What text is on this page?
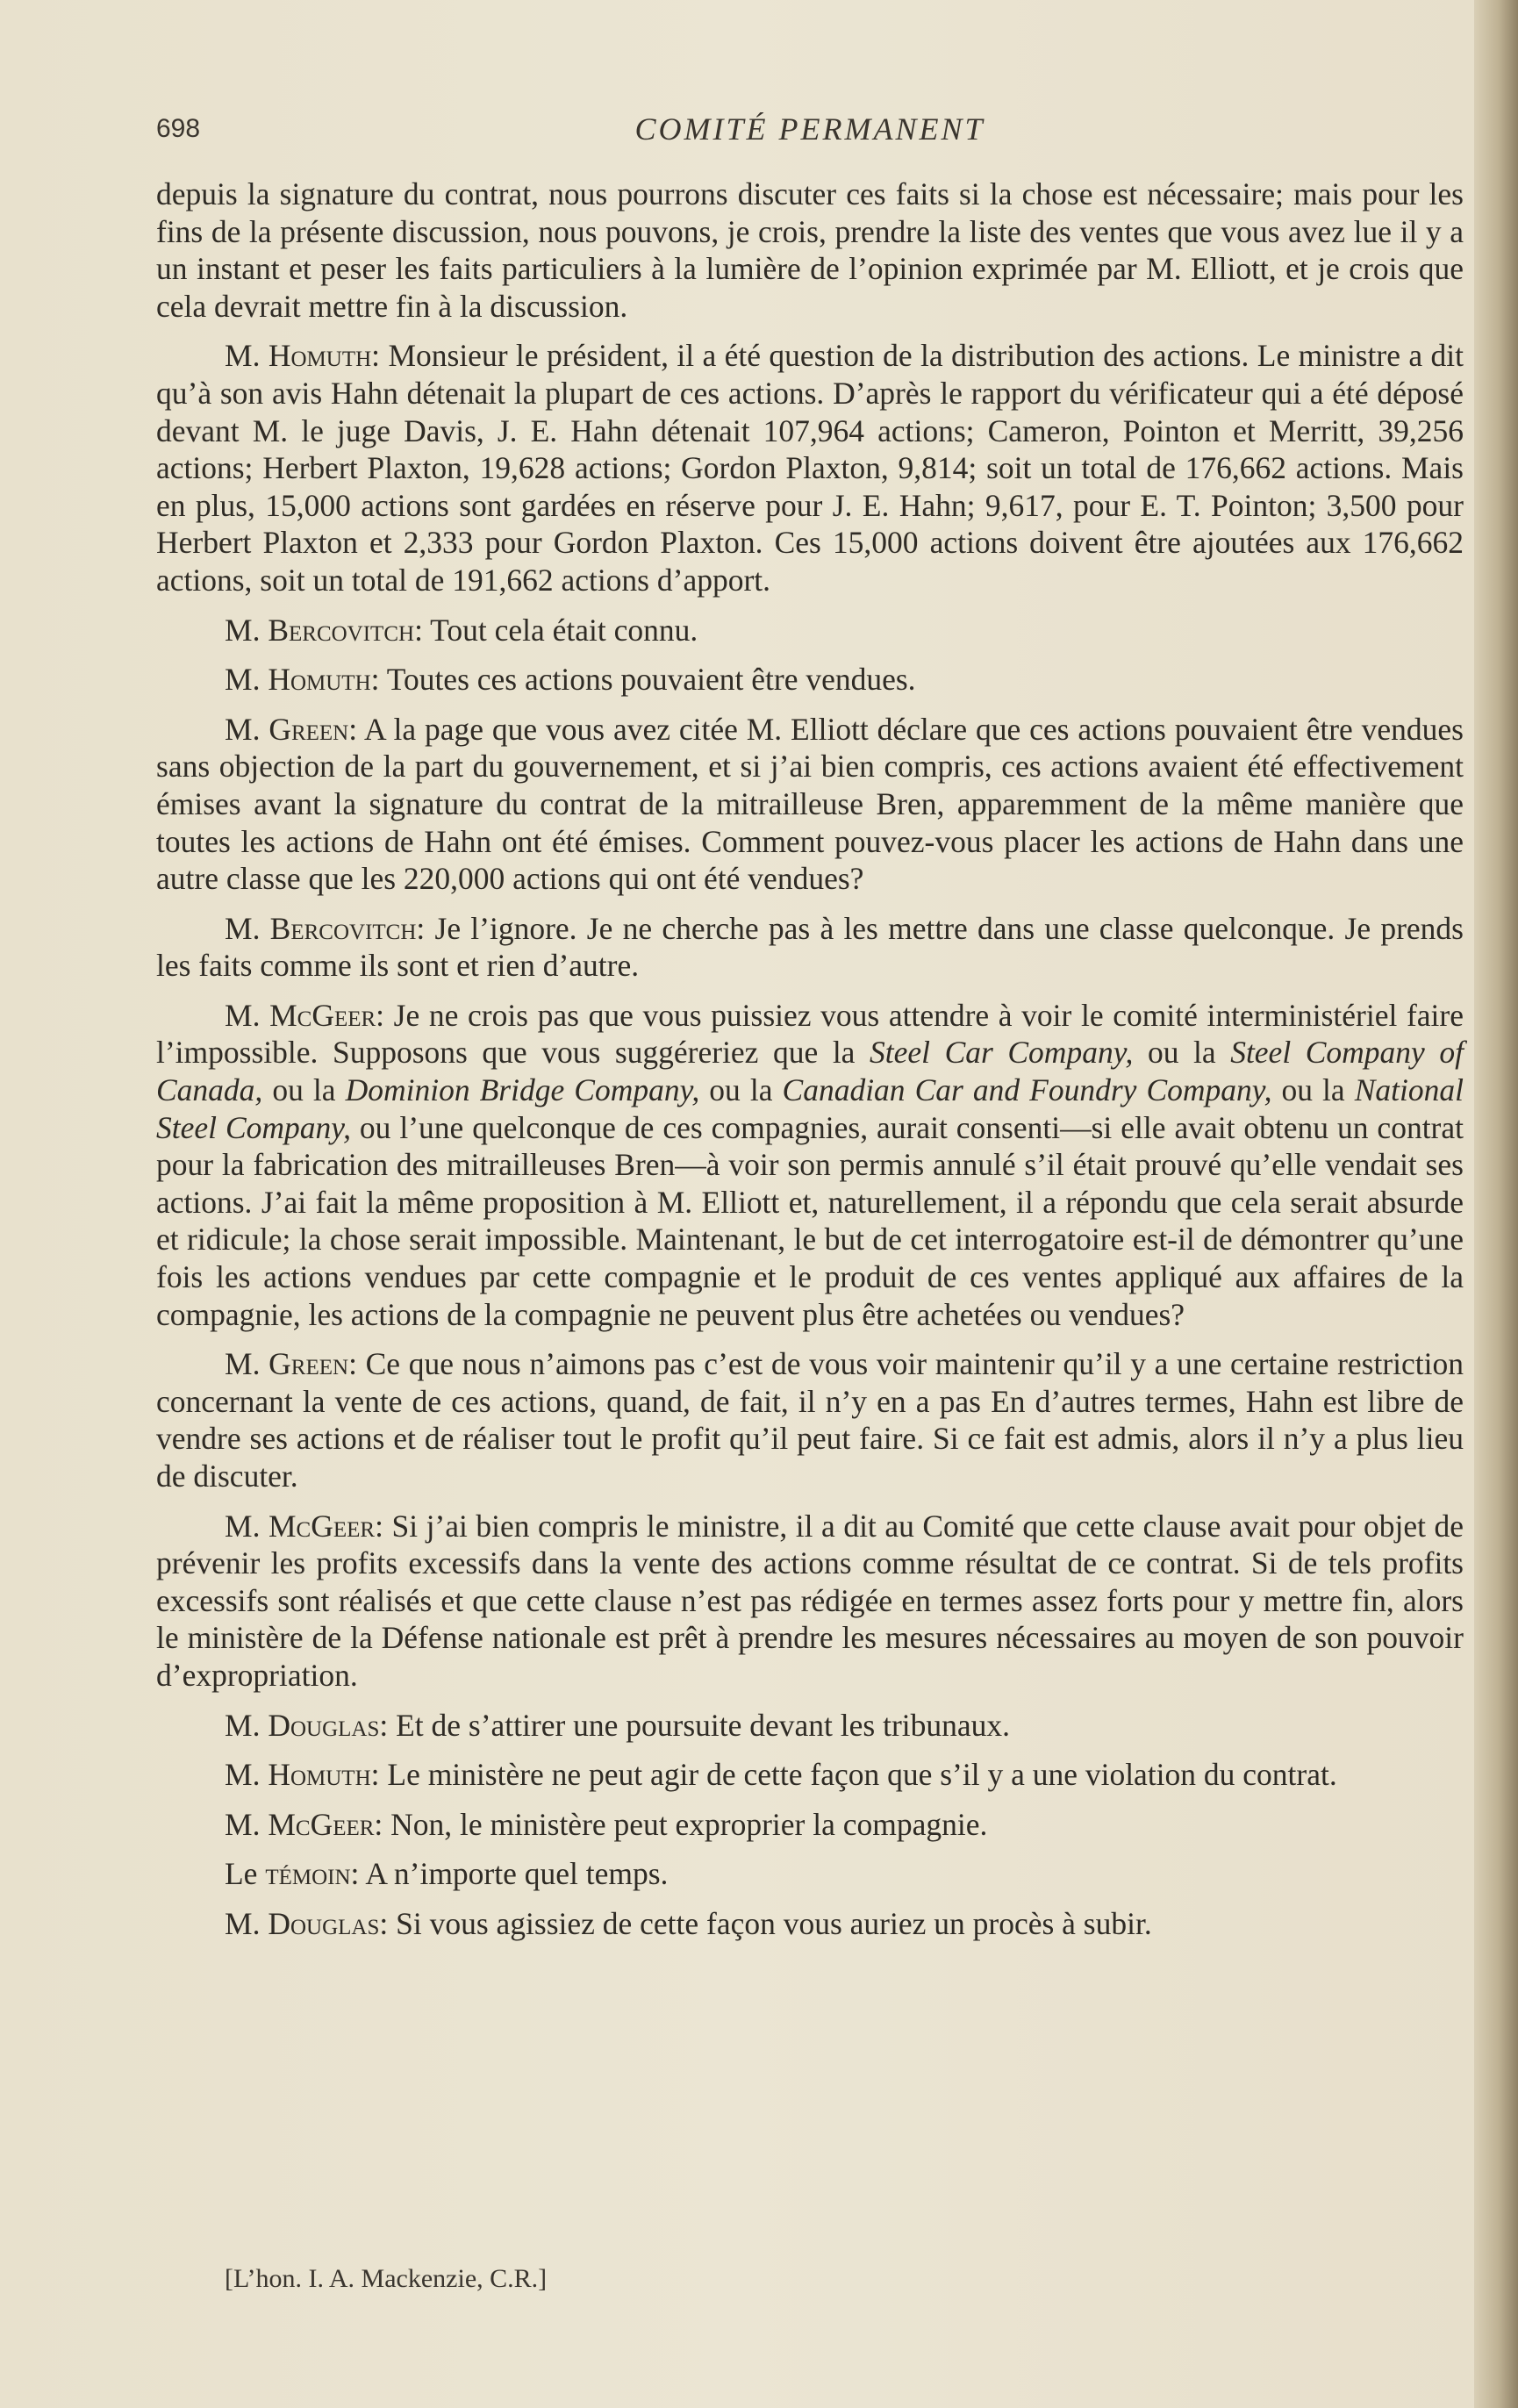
698	COMITÉ PERMANENT

depuis la signature du contrat, nous pourrons discuter ces faits si la chose est nécessaire; mais pour les fins de la présente discussion, nous pouvons, je crois, prendre la liste des ventes que vous avez lue il y a un instant et peser les faits particuliers à la lumière de l’opinion exprimée par M. Elliott, et je crois que cela devrait mettre fin à la discussion.

M. Homuth: Monsieur le président, il a été question de la distribution des actions. Le ministre a dit qu’à son avis Hahn détenait la plupart de ces actions. D’après le rapport du vérificateur qui a été déposé devant M. le juge Davis, J. E. Hahn détenait 107,964 actions; Cameron, Pointon et Merritt, 39,256 actions; Herbert Plaxton, 19,628 actions; Gordon Plaxton, 9,814; soit un total de 176,662 actions. Mais en plus, 15,000 actions sont gardées en réserve pour J. E. Hahn; 9,617, pour E. T. Pointon; 3,500 pour Herbert Plaxton et 2,333 pour Gordon Plaxton. Ces 15,000 actions doivent être ajoutées aux 176,662 actions, soit un total de 191,662 actions d’apport.

M. Bercovitch: Tout cela était connu.

M. Homuth: Toutes ces actions pouvaient être vendues.

M. Green: A la page que vous avez citée M. Elliott déclare que ces actions pouvaient être vendues sans objection de la part du gouvernement, et si j’ai bien compris, ces actions avaient été effectivement émises avant la signature du contrat de la mitrailleuse Bren, apparemment de la même manière que toutes les actions de Hahn ont été émises. Comment pouvez-vous placer les actions de Hahn dans une autre classe que les 220,000 actions qui ont été vendues?

M. Bercovitch: Je l’ignore. Je ne cherche pas à les mettre dans une classe quelconque. Je prends les faits comme ils sont et rien d’autre.

M. McGeer: Je ne crois pas que vous puissiez vous attendre à voir le comité interministériel faire l’impossible. Supposons que vous suggéreriez que la Steel Car Company, ou la Steel Company of Canada, ou la Dominion Bridge Company, ou la Canadian Car and Foundry Company, ou la National Steel Company, ou l’une quelconque de ces compagnies, aurait consenti—si elle avait obtenu un contrat pour la fabrication des mitrailleuses Bren—à voir son permis annulé s’il était prouvé qu’elle vendait ses actions. J’ai fait la même proposition à M. Elliott et, naturellement, il a répondu que cela serait absurde et ridicule; la chose serait impossible. Maintenant, le but de cet interrogatoire est-il de démontrer qu’une fois les actions vendues par cette compagnie et le produit de ces ventes appliqué aux affaires de la compagnie, les actions de la compagnie ne peuvent plus être achetées ou vendues?

M. Green: Ce que nous n’aimons pas c’est de vous voir maintenir qu’il y a une certaine restriction concernant la vente de ces actions, quand, de fait, il n’y en a pas En d’autres termes, Hahn est libre de vendre ses actions et de réaliser tout le profit qu’il peut faire. Si ce fait est admis, alors il n’y a plus lieu de discuter.

M. McGeer: Si j’ai bien compris le ministre, il a dit au Comité que cette clause avait pour objet de prévenir les profits excessifs dans la vente des actions comme résultat de ce contrat. Si de tels profits excessifs sont réalisés et que cette clause n’est pas rédigée en termes assez forts pour y mettre fin, alors le ministère de la Défense nationale est prêt à prendre les mesures nécessaires au moyen de son pouvoir d’expropriation.

M. Douglas: Et de s’attirer une poursuite devant les tribunaux.

M. Homuth: Le ministère ne peut agir de cette façon que s’il y a une violation du contrat.

M. McGeer: Non, le ministère peut exproprier la compagnie.

Le témoin: A n’importe quel temps.

M. Douglas: Si vous agissiez de cette façon vous auriez un procès à subir.

[L’hon. I. A. Mackenzie, C.R.]
